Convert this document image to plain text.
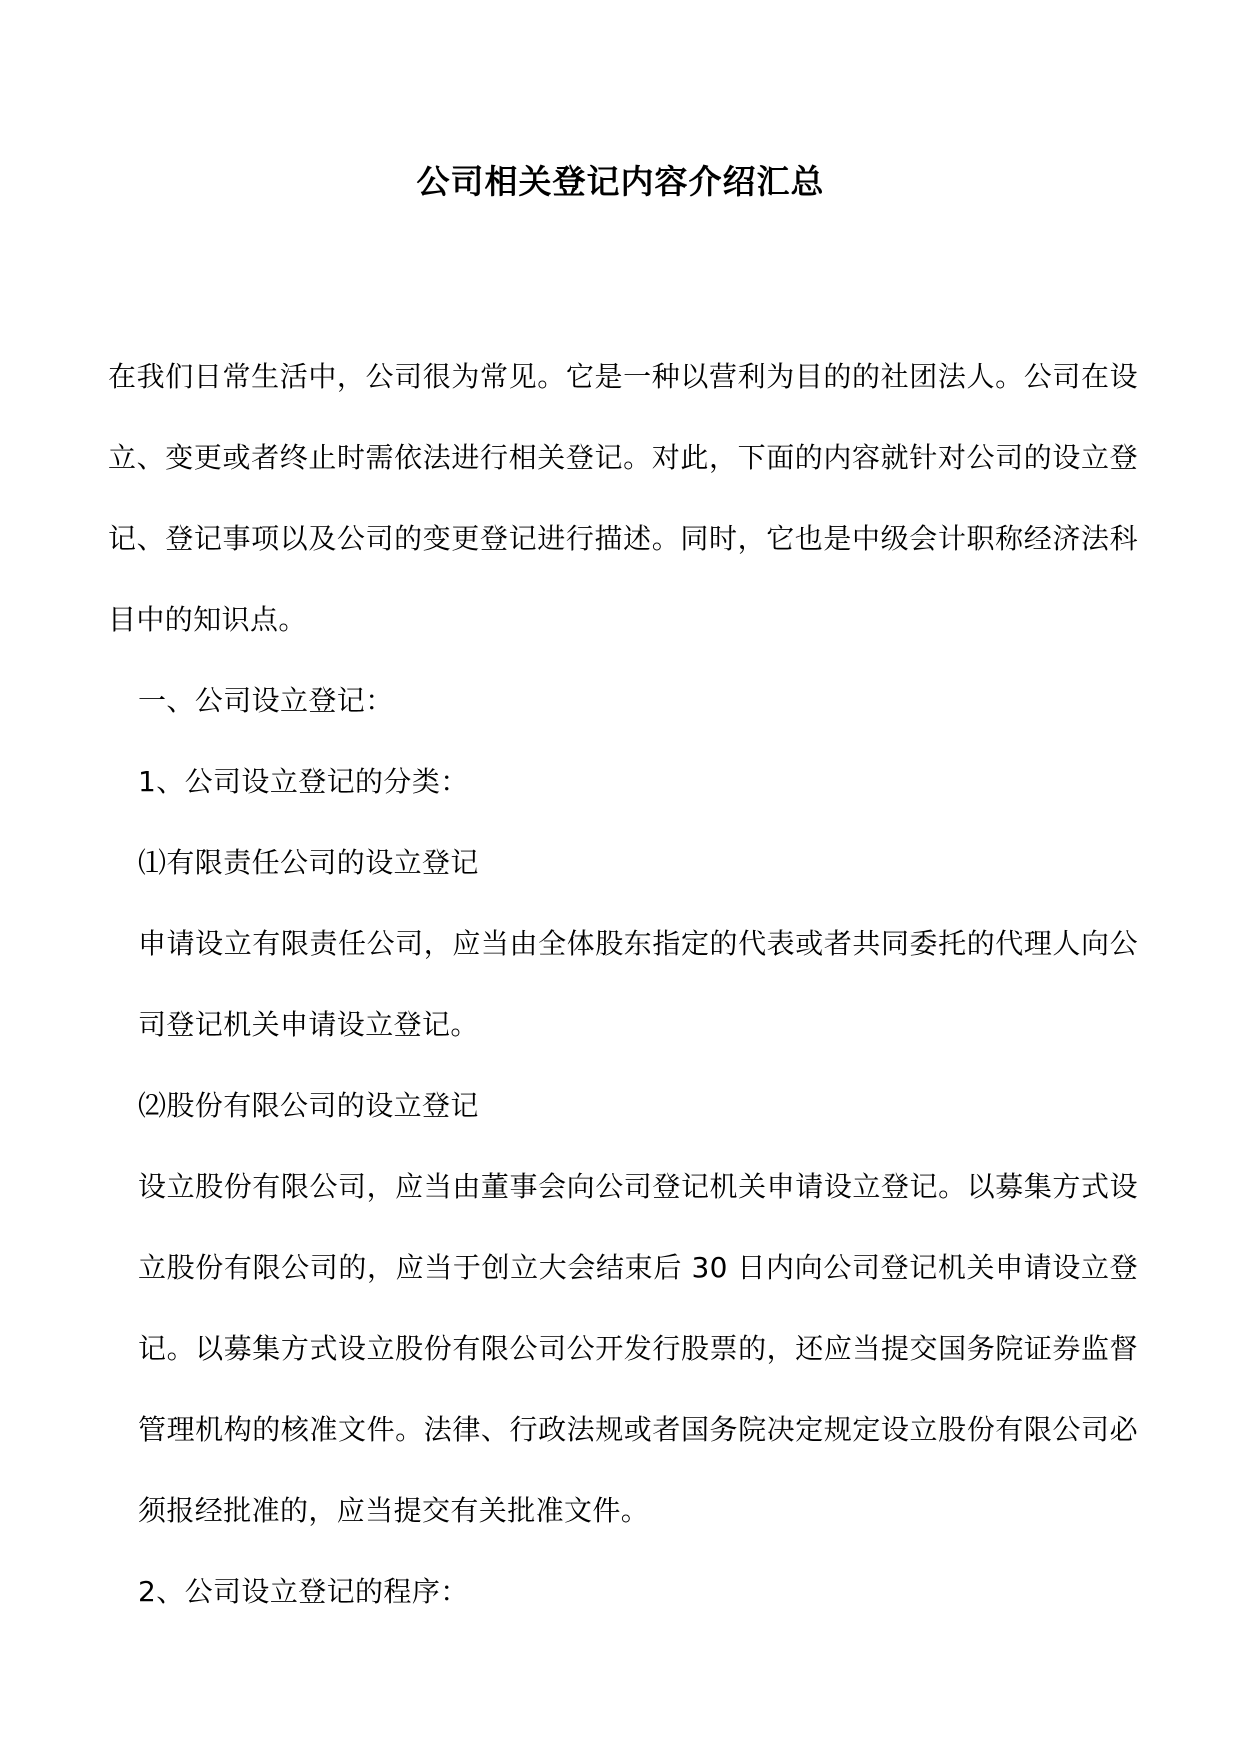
公司相关登记内容介绍汇总

在我们日常生活中，公司很为常见。它是一种以营利为目的的社团法人。公司在设立、变更或者终止时需依法进行相关登记。对此，下面的内容就针对公司的设立登记、登记事项以及公司的变更登记进行描述。同时，它也是中级会计职称经济法科目中的知识点。

一、公司设立登记：

1、公司设立登记的分类：

⑴有限责任公司的设立登记

申请设立有限责任公司，应当由全体股东指定的代表或者共同委托的代理人向公司登记机关申请设立登记。

⑵股份有限公司的设立登记

设立股份有限公司，应当由董事会向公司登记机关申请设立登记。以募集方式设立股份有限公司的，应当于创立大会结束后 30 日内向公司登记机关申请设立登记。以募集方式设立股份有限公司公开发行股票的，还应当提交国务院证券监督管理机构的核准文件。法律、行政法规或者国务院决定规定设立股份有限公司必须报经批准的，应当提交有关批准文件。

2、公司设立登记的程序：
